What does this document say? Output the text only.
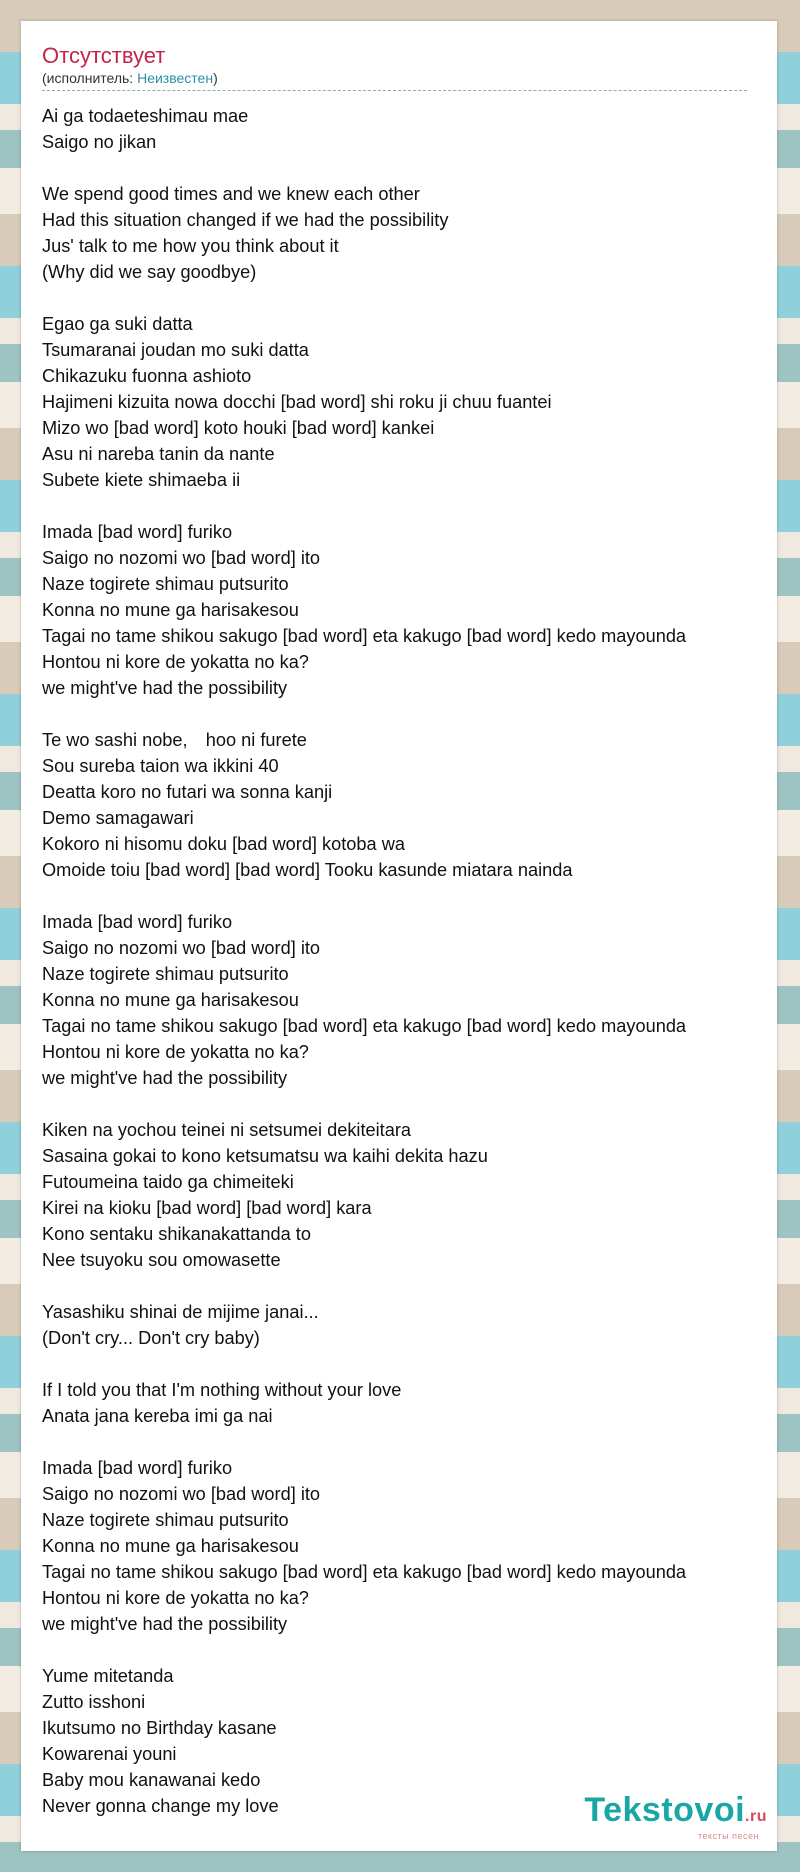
Отсутствует
(исполнитель: Неизвестен)
Ai ga todaeteshimau mae
Saigo no jikan
We spend good times and we knew each other
Had this situation changed if we had the possibility
Jus' talk to me how you think about it
(Why did we say goodbye)
Egao ga suki datta
Tsumaranai joudan mo suki datta
Chikazuku fuonna ashioto
Hajimeni kizuita nowa docchi [bad word] shi roku ji chuu fuantei
Mizo wo [bad word] koto houki [bad word] kankei
Asu ni nareba tanin da nante
Subete kiete shimaeba ii
Imada [bad word] furiko
Saigo no nozomi wo [bad word] ito
Naze togirete shimau putsurito
Konna no mune ga harisakesou
Tagai no tame shikou sakugo [bad word] eta kakugo [bad word] kedo mayounda
Hontou ni kore de yokatta no ka?
we might've had the possibility
Te wo sashi nobe,　hoo ni furete
Sou sureba taion wa ikkini 40
Deatta koro no futari wa sonna kanji
Demo samagawari
Kokoro ni hisomu doku [bad word] kotoba wa
Omoide toiu [bad word] [bad word] Tooku kasunde miatara nainda
Imada [bad word] furiko
Saigo no nozomi wo [bad word] ito
Naze togirete shimau putsurito
Konna no mune ga harisakesou
Tagai no tame shikou sakugo [bad word] eta kakugo [bad word] kedo mayounda
Hontou ni kore de yokatta no ka?
we might've had the possibility
Kiken na yochou teinei ni setsumei dekiteitara
Sasaina gokai to kono ketsumatsu wa kaihi dekita hazu
Futoumeina taido ga chimeiteki
Kirei na kioku [bad word] [bad word] kara
Kono sentaku shikanakattanda to
Nee tsuyoku sou omowasette
Yasashiku shinai de mijime janai...
(Don't cry... Don't cry baby)
If I told you that I'm nothing without your love
Anata jana kereba imi ga nai
Imada [bad word] furiko
Saigo no nozomi wo [bad word] ito
Naze togirete shimau putsurito
Konna no mune ga harisakesou
Tagai no tame shikou sakugo [bad word] eta kakugo [bad word] kedo mayounda
Hontou ni kore de yokatta no ka?
we might've had the possibility
Yume mitetanda
Zutto isshoni
Ikutsumo no Birthday kasane
Kowarenai youni
Baby mou kanawanai kedo
Never gonna change my love	Tekstovoi.ru
тексты песен
